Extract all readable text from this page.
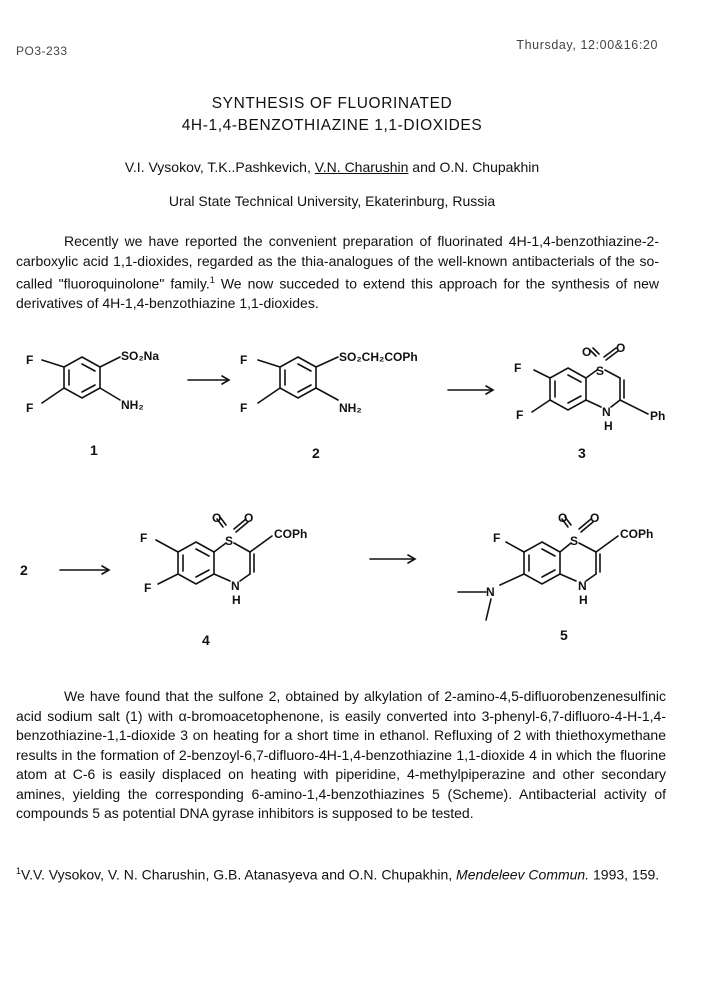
PO3-233	Thursday, 12:00&16:20
SYNTHESIS OF FLUORINATED
4H-1,4-BENZOTHIAZINE 1,1-DIOXIDES
V.I. Vysokov, T.K..Pashkevich, V.N. Charushin and O.N. Chupakhin
Ural State Technical University, Ekaterinburg, Russia
Recently we have reported the convenient preparation of fluorinated 4H-1,4-benzothiazine-2-carboxylic acid 1,1-dioxides, regarded as the thia-analogues of the well-known antibacterials of the so-called "fluoroquinolone" family.$^1$ We now succeded to extend this approach for the synthesis of new derivatives of 4H-1,4-benzothiazine 1,1-dioxides.
F
F
SO₂Na
NH₂
1
F
F
SO₂CH₂COPh
NH₂
2
O O
S
F
F	N
H
Ph
3
2
F
F
O O
S	COPh
N
H
4
F
O O
S	COPh
N
H
N
5
We have found that the sulfone 2, obtained by alkylation of 2-amino-4,5-difluorobenzenesulfinic acid sodium salt (1) with α-bromoacetophenone, is easily converted into 3-phenyl-6,7-difluoro-4-H-1,4-benzothiazine-1,1-dioxide 3 on heating for a short time in ethanol. Refluxing of 2 with thiethoxymethane results in the formation of 2-benzoyl-6,7-difluoro-4H-1,4-benzothiazine 1,1-dioxide 4 in which the fluorine atom at C-6 is easily displaced on heating with piperidine, 4-methylpiperazine and other secondary amines, yielding the corresponding 6-amino-1,4-benzothiazines 5 (Scheme). Antibacterial activity of compounds 5 as potential DNA gyrase inhibitors is supposed to be tested.
$^1$V.V. Vysokov, V. N. Charushin, G.B. Atanasyeva and O.N. Chupakhin, Mendeleev Commun. 1993, 159.
